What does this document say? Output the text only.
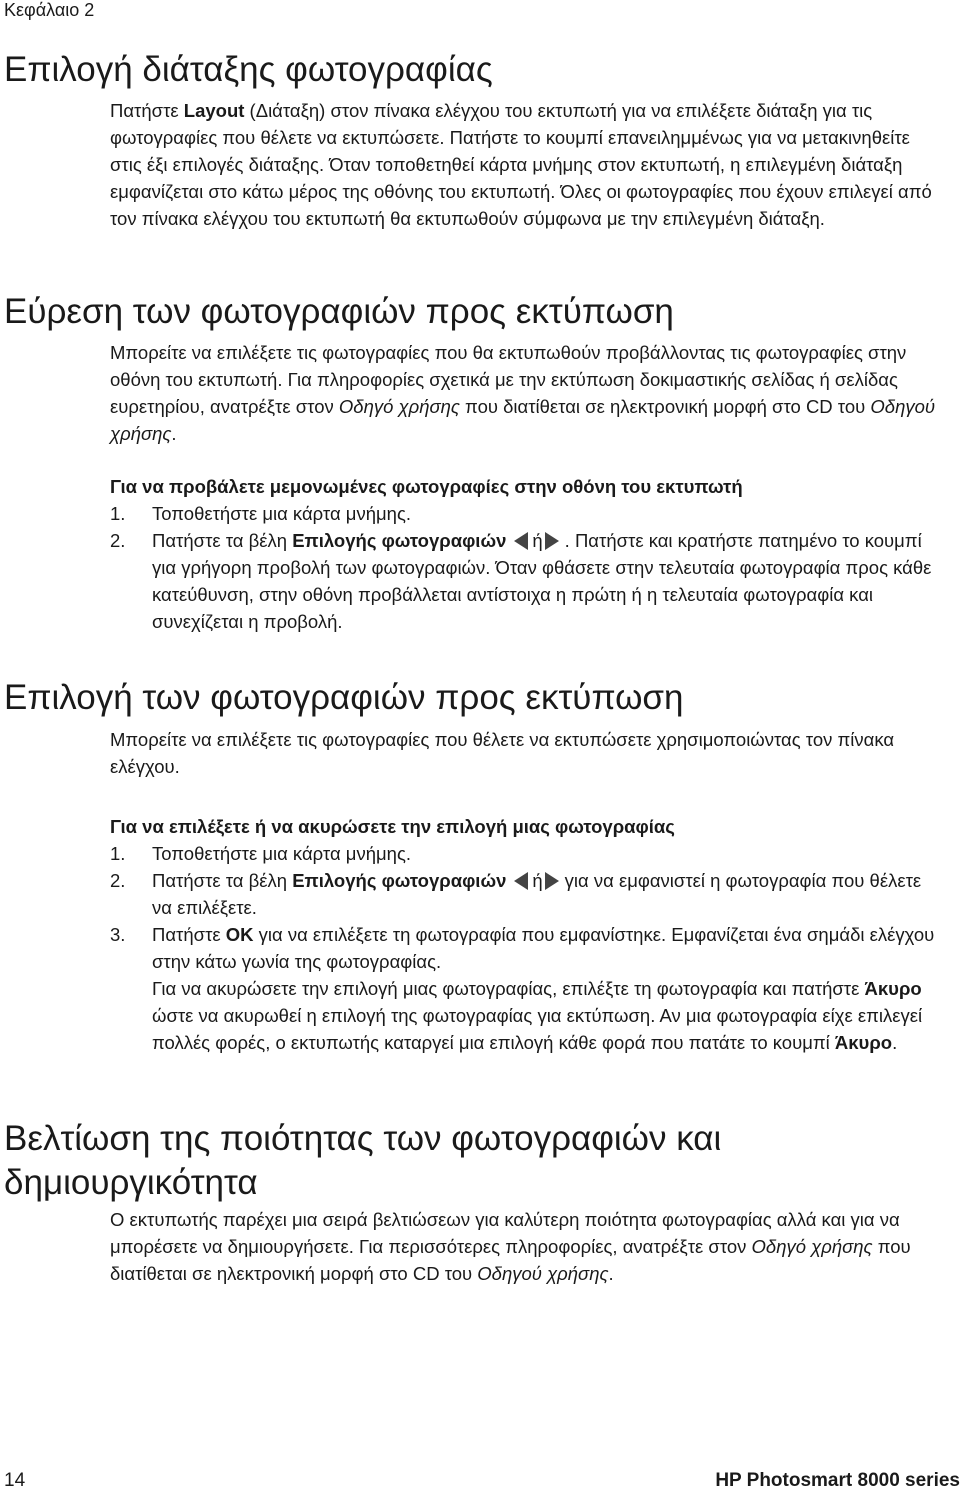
Κεφάλαιο 2
Επιλογή διάταξης φωτογραφίας

Πατήστε Layout (Διάταξη) στον πίνακα ελέγχου του εκτυπωτή για να επιλέξετε διάταξη για τις φωτογραφίες που θέλετε να εκτυπώσετε. Πατήστε το κουμπί επανειλημμένως για να μετακινηθείτε στις έξι επιλογές διάταξης. Όταν τοποθετηθεί κάρτα μνήμης στον εκτυπωτή, η επιλεγμένη διάταξη εμφανίζεται στο κάτω μέρος της οθόνης του εκτυπωτή. Όλες οι φωτογραφίες που έχουν επιλεγεί από τον πίνακα ελέγχου του εκτυπωτή θα εκτυπωθούν σύμφωνα με την επιλεγμένη διάταξη.

Εύρεση των φωτογραφιών προς εκτύπωση

Μπορείτε να επιλέξετε τις φωτογραφίες που θα εκτυπωθούν προβάλλοντας τις φωτογραφίες στην οθόνη του εκτυπωτή. Για πληροφορίες σχετικά με την εκτύπωση δοκιμαστικής σελίδας ή σελίδας ευρετηρίου, ανατρέξτε στον Οδηγό χρήσης που διατίθεται σε ηλεκτρονική μορφή στο CD του Οδηγού χρήσης.

Για να προβάλετε μεμονωμένες φωτογραφίες στην οθόνη του εκτυπωτή

1. Τοποθετήστε μια κάρτα μνήμης.
2. Πατήστε τα βέλη Επιλογής φωτογραφιών ή . Πατήστε και κρατήστε πατημένο το κουμπί για γρήγορη προβολή των φωτογραφιών. Όταν φθάσετε στην τελευταία φωτογραφία προς κάθε κατεύθυνση, στην οθόνη προβάλλεται αντίστοιχα η πρώτη ή η τελευταία φωτογραφία και συνεχίζεται η προβολή.
Επιλογή των φωτογραφιών προς εκτύπωση

Μπορείτε να επιλέξετε τις φωτογραφίες που θέλετε να εκτυπώσετε χρησιμοποιώντας τον πίνακα ελέγχου.

Για να επιλέξετε ή να ακυρώσετε την επιλογή μιας φωτογραφίας

1. Τοποθετήστε μια κάρτα μνήμης.
2. Πατήστε τα βέλη Επιλογής φωτογραφιών ή για να εμφανιστεί η φωτογραφία που θέλετε να επιλέξετε.
3. Πατήστε OK για να επιλέξετε τη φωτογραφία που εμφανίστηκε. Εμφανίζεται ένα σημάδι ελέγχου στην κάτω γωνία της φωτογραφίας.
Για να ακυρώσετε την επιλογή μιας φωτογραφίας, επιλέξτε τη φωτογραφία και πατήστε Άκυρο ώστε να ακυρωθεί η επιλογή της φωτογραφίας για εκτύπωση. Αν μια φωτογραφία είχε επιλεγεί πολλές φορές, ο εκτυπωτής καταργεί μια επιλογή κάθε φορά που πατάτε το κουμπί Άκυρο.
Βελτίωση της ποιότητας των φωτογραφιών και
δημιουργικότητα

Ο εκτυπωτής παρέχει μια σειρά βελτιώσεων για καλύτερη ποιότητα φωτογραφίας αλλά και για να μπορέσετε να δημιουργήσετε. Για περισσότερες πληροφορίες, ανατρέξτε στον Οδηγό χρήσης που διατίθεται σε ηλεκτρονική μορφή στο CD του Οδηγού χρήσης.

14	HP Photosmart 8000 series
